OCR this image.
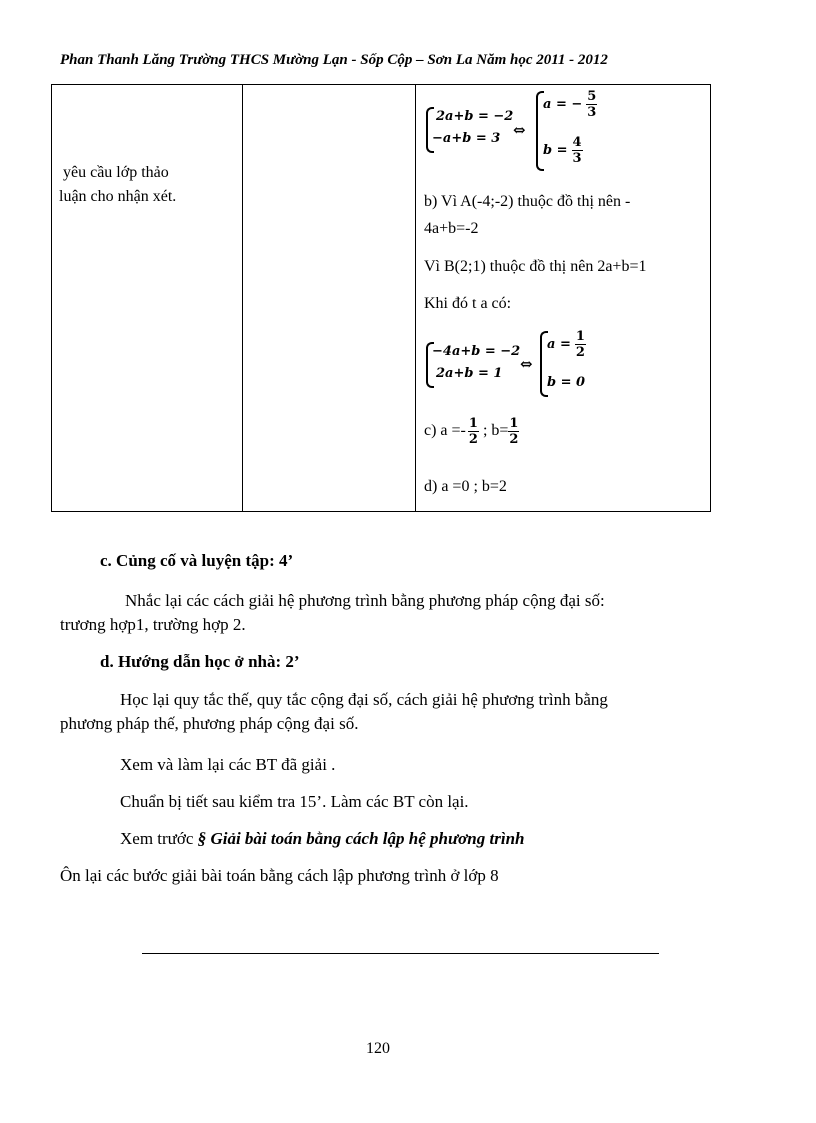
Phan Thanh Lăng Trường THCS Mường Lạn - Sốp Cộp – Sơn La Năm học 2011 - 2012
yêu cầu lớp thảo
luận cho nhận xét.

2a+b = −2
−a+b = 3 ⇔
a = − $\frac{5}{3}$
$b = \frac{4}{3}$
b) Vì A(-4;-2) thuộc đồ thị nên -
4a+b=-2
Vì B(2;1) thuộc đồ thị nên 2a+b=1
Khi đó t a có:
−4a+b = −2
2a+b = 1
⇔
$a = \frac{1}{2}$
b = 0
c) $a =- \frac{1}{2}$ ; $b= \frac{1}{2}$
d) a =0 ; b=2
c. Củng cố và luyện tập: 4’
Nhắc lại các cách giải hệ phương trình bằng phương pháp cộng đại số:
trương hợp1, trường hợp 2.
d. Hướng dẫn học ở nhà: 2’
Học lại quy tắc thế, quy tắc cộng đại số, cách giải hệ phương trình bằng
phương pháp thế, phương pháp cộng đại số.
Xem và làm lại các BT đã giải .
Chuẩn bị tiết sau kiểm tra 15’. Làm các BT còn lại.
Xem trước § Giải bài toán bằng cách lập hệ phương trình
Ôn lại các bước giải bài toán bằng cách lập phương trình ở lớp 8
120
